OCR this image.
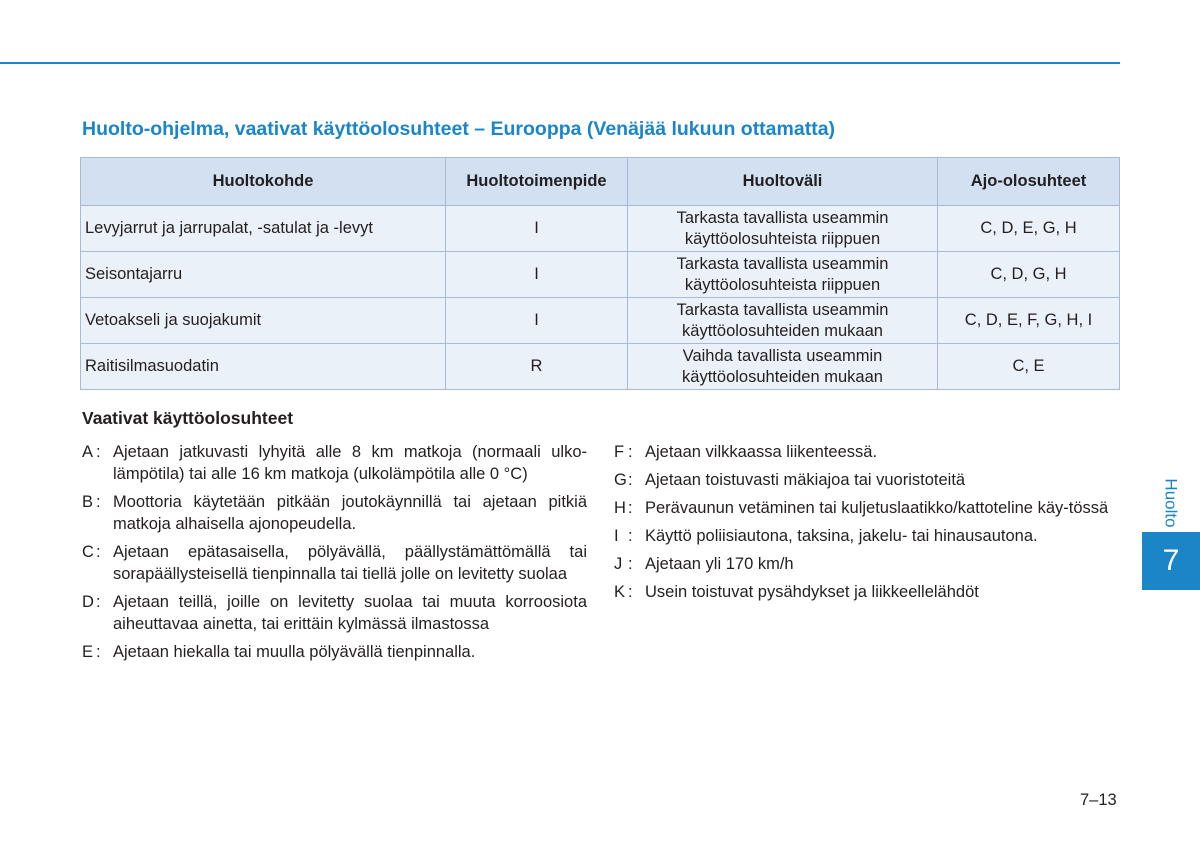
Huolto-ohjelma, vaativat käyttöolosuhteet – Eurooppa (Venäjää lukuun ottamatta)
Huoltokohde	Huoltotoimenpide	Huoltoväli	Ajo-olosuhteet
Levyjarrut ja jarrupalat, -satulat ja -levyt	I	Tarkasta tavallista useammin
käyttöolosuhteista riippuen	C, D, E, G, H
Seisontajarru	I	Tarkasta tavallista useammin
käyttöolosuhteista riippuen	C, D, G, H
Vetoakseli ja suojakumit	I	Tarkasta tavallista useammin
käyttöolosuhteiden mukaan	C, D, E, F, G, H, I
Raitisilmasuodatin	R	Vaihda tavallista useammin
käyttöolosuhteiden mukaan	C, E
Vaativat käyttöolosuhteet
A : Ajetaan jatkuvasti lyhyitä alle 8 km matkoja (normaali ulko-lämpötila) tai alle 16 km matkoja (ulkolämpötila alle 0 °C)
B : Moottoria käytetään pitkään joutokäynnillä tai ajetaan pitkiä matkoja alhaisella ajonopeudella.
C : Ajetaan epätasaisella, pölyävällä, päällystämättömällä tai sorapäällysteisellä tienpinnalla tai tiellä jolle on levitetty suolaa
D : Ajetaan teillä, joille on levitetty suolaa tai muuta korroosiota aiheuttavaa ainetta, tai erittäin kylmässä ilmastossa
E : Ajetaan hiekalla tai muulla pölyävällä tienpinnalla.
F : Ajetaan vilkkaassa liikenteessä.
G : Ajetaan toistuvasti mäkiajoa tai vuoristoteitä
H : Perävaunun vetäminen tai kuljetuslaatikko/kattoteline käy-tössä
I : Käyttö poliisiautona, taksina, jakelu- tai hinausautona.
J : Ajetaan yli 170 km/h
K : Usein toistuvat pysähdykset ja liikkeellelähdöt
Huolto
7
7–13
